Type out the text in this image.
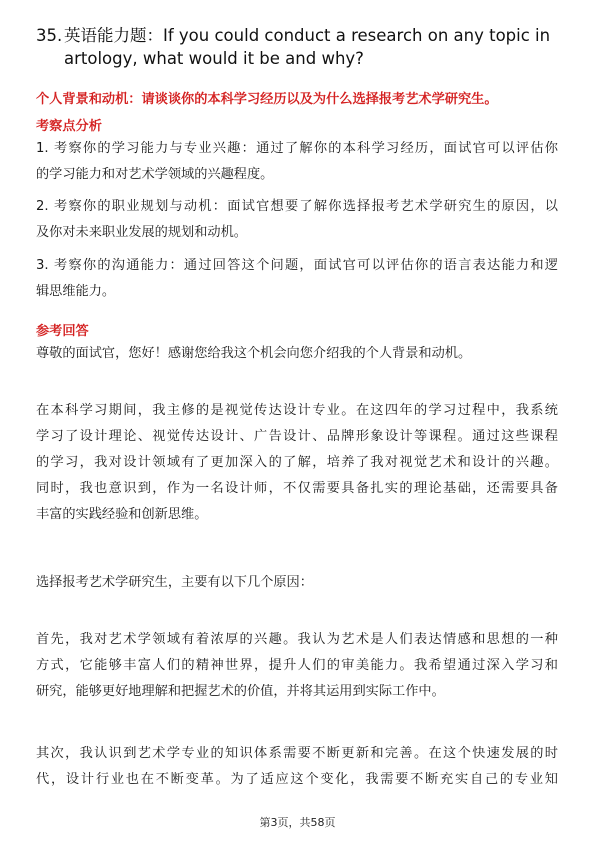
35. 英语能力题：If you could conduct a research on any topic in
artology, what would it be and why?
个人背景和动机：请谈谈你的本科学习经历以及为什么选择报考艺术学研究生。
考察点分析
1. 考察你的学习能力与专业兴趣：通过了解你的本科学习经历，面试官可以评估你
的学习能力和对艺术学领域的兴趣程度。
2. 考察你的职业规划与动机：面试官想要了解你选择报考艺术学研究生的原因，以
及你对未来职业发展的规划和动机。
3. 考察你的沟通能力：通过回答这个问题，面试官可以评估你的语言表达能力和逻
辑思维能力。
参考回答
尊敬的面试官，您好！感谢您给我这个机会向您介绍我的个人背景和动机。
在本科学习期间，我主修的是视觉传达设计专业。在这四年的学习过程中，我系统
学习了设计理论、视觉传达设计、广告设计、品牌形象设计等课程。通过这些课程
的学习，我对设计领域有了更加深入的了解，培养了我对视觉艺术和设计的兴趣。
同时，我也意识到，作为一名设计师，不仅需要具备扎实的理论基础，还需要具备
丰富的实践经验和创新思维。
选择报考艺术学研究生，主要有以下几个原因：
首先，我对艺术学领域有着浓厚的兴趣。我认为艺术是人们表达情感和思想的一种
方式，它能够丰富人们的精神世界，提升人们的审美能力。我希望通过深入学习和
研究，能够更好地理解和把握艺术的价值，并将其运用到实际工作中。
其次，我认识到艺术学专业的知识体系需要不断更新和完善。在这个快速发展的时
代，设计行业也在不断变革。为了适应这个变化，我需要不断充实自己的专业知
第3页，共58页
